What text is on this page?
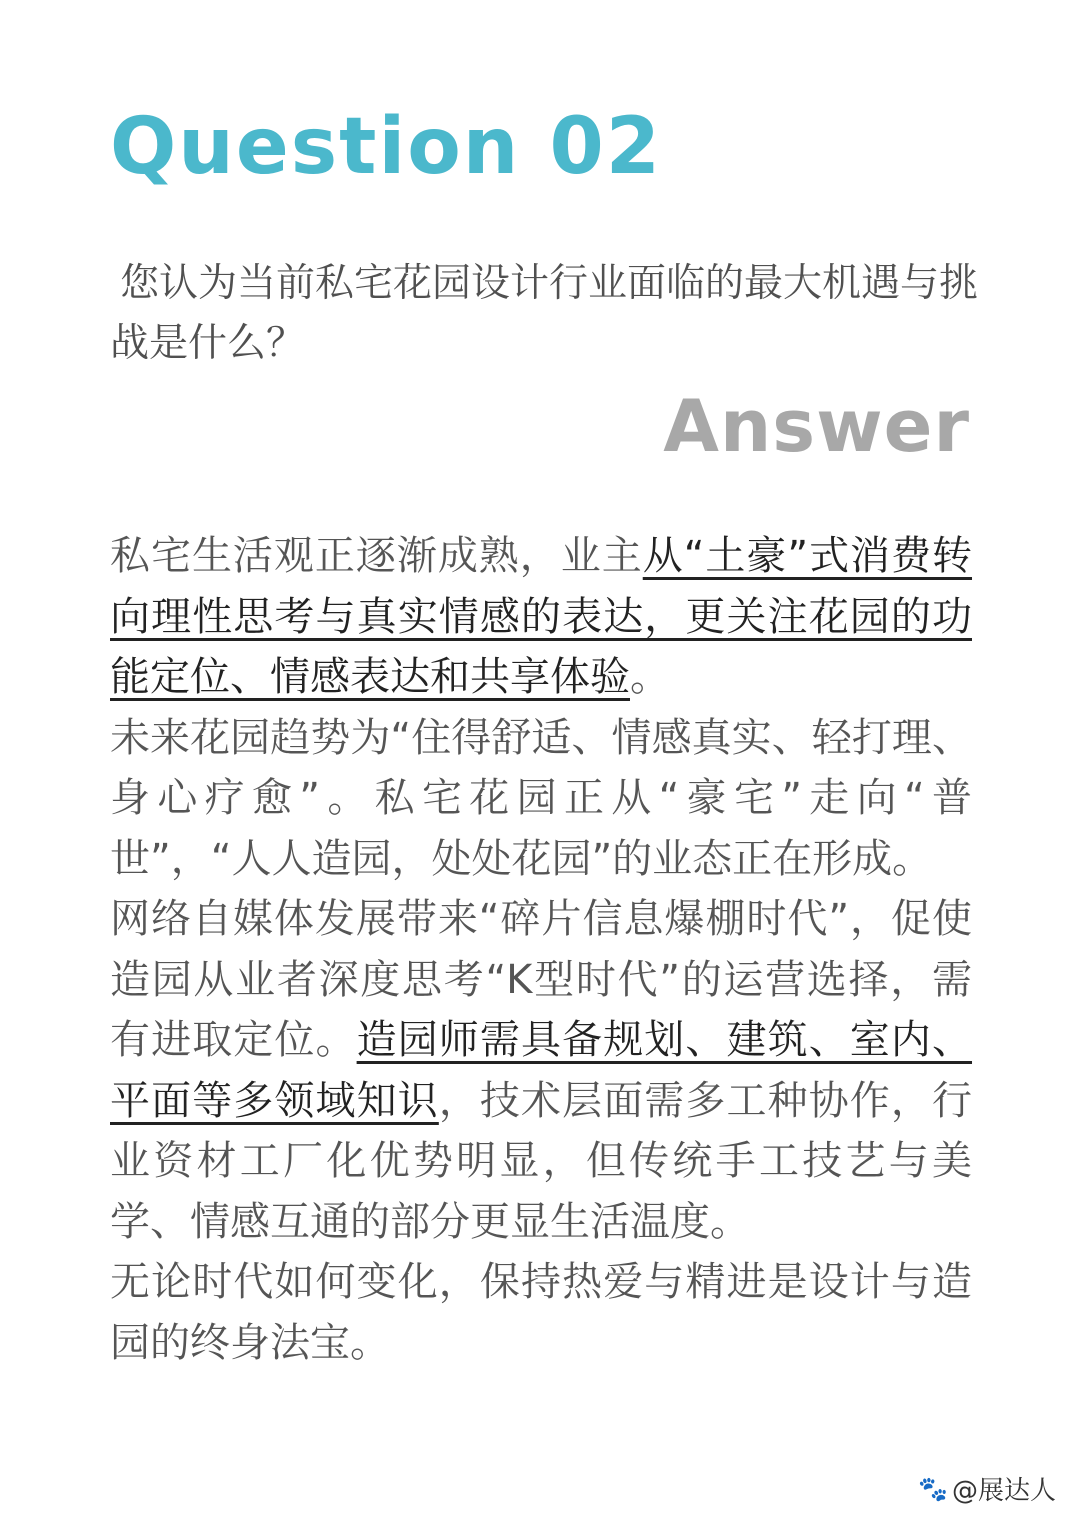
Question 02
您认为当前私宅花园设计行业面临的最大机遇与挑战是什么？
Answer

私宅生活观正逐渐成熟，业主从“土豪”式消费转向理性思考与真实情感的表达，更关注花园的功能定位、情感表达和共享体验。

未来花园趋势为“住得舒适、情感真实、轻打理、身心疗愈”。私宅花园正从“豪宅”走向“普世”，“人人造园，处处花园”的业态正在形成。

网络自媒体发展带来“碎片信息爆棚时代”，促使造园从业者深度思考“K型时代”的运营选择，需有进取定位。造园师需具备规划、建筑、室内、平面等多领域知识，技术层面需多工种协作，行业资材工厂化优势明显，但传统手工技艺与美学、情感互通的部分更显生活温度。

无论时代如何变化，保持热爱与精进是设计与造园的终身法宝。

🐾 @展达人
